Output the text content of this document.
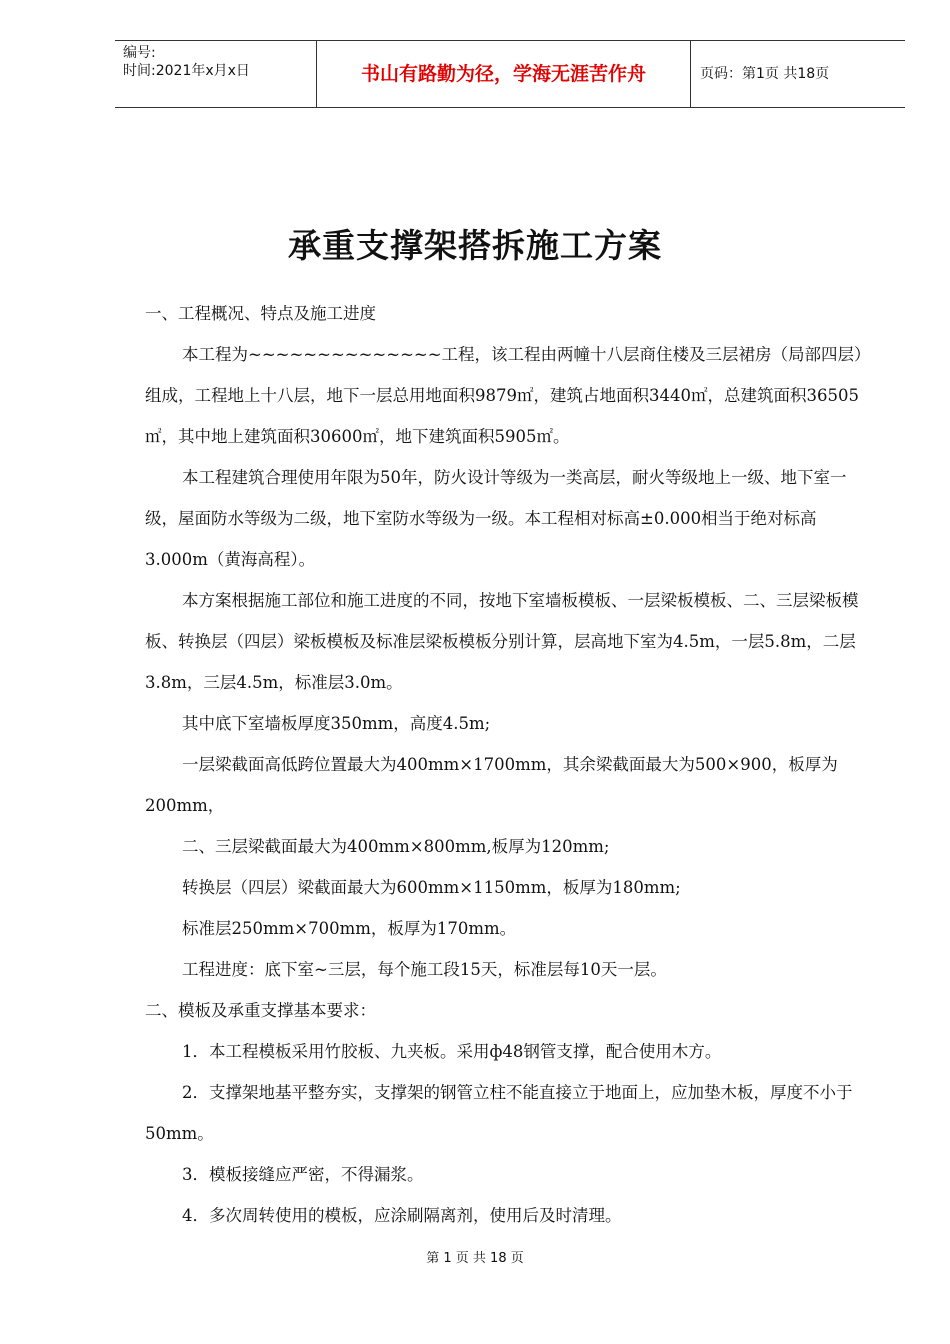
编号:
时间:2021年x月x日	书山有路勤为径，学海无涯苦作舟	页码：第1页 共18页
承重支撑架搭拆施工方案

一、工程概况、特点及施工进度

本工程为~~~~~~~~~~~~~~工程，该工程由两幢十八层商住楼及三层裙房（局部四层）组成，工程地上十八层，地下一层总用地面积9879㎡，建筑占地面积3440㎡，总建筑面积36505㎡，其中地上建筑面积30600㎡，地下建筑面积5905㎡。

本工程建筑合理使用年限为50年，防火设计等级为一类高层，耐火等级地上一级、地下室一级，屋面防水等级为二级，地下室防水等级为一级。本工程相对标高±0.000相当于绝对标高3.000m（黄海高程）。

本方案根据施工部位和施工进度的不同，按地下室墙板模板、一层梁板模板、二、三层梁板模板、转换层（四层）梁板模板及标准层梁板模板分别计算，层高地下室为4.5m，一层5.8m，二层3.8m，三层4.5m，标准层3.0m。

其中底下室墙板厚度350mm，高度4.5m;

一层梁截面高低跨位置最大为400mm×1700mm，其余梁截面最大为500×900，板厚为200mm，

二、三层梁截面最大为400mm×800mm,板厚为120mm;

转换层（四层）梁截面最大为600mm×1150mm，板厚为180mm;

标准层250mm×700mm，板厚为170mm。

工程进度：底下室~三层，每个施工段15天，标准层每10天一层。

二、模板及承重支撑基本要求：

1．本工程模板采用竹胶板、九夹板。采用ф48钢管支撑，配合使用木方。

2．支撑架地基平整夯实，支撑架的钢管立柱不能直接立于地面上，应加垫木板，厚度不小于50mm。

3．模板接缝应严密，不得漏浆。

4．多次周转使用的模板，应涂刷隔离剂，使用后及时清理。

第 1 页 共 18 页
